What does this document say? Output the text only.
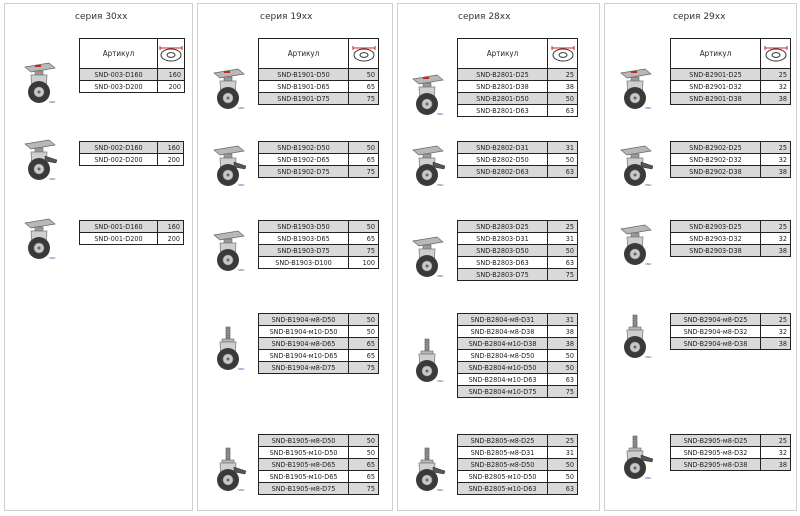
серия 30xx
Артикул	
SND-003-D160	160
SND-003-D200	200
SND
SND-002-D160	160
SND-002-D200	200
SND
SND-001-D160	160
SND-001-D200	200
SND
серия 19xx
Артикул	
SND-B1901-D50	50
SND-B1901-D65	65
SND-B1901-D75	75
SND
SND-B1902-D50	50
SND-B1902-D65	65
SND-B1902-D75	75
SND
SND-B1903-D50	50
SND-B1903-D65	65
SND-B1903-D75	75
SND-B1903-D100	100
SND
SND-B1904-м8-D50	50
SND-B1904-м10-D50	50
SND-B1904-м8-D65	65
SND-B1904-м10-D65	65
SND-B1904-м8-D75	75
SND
SND-B1905-м8-D50	50
SND-B1905-м10-D50	50
SND-B1905-м8-D65	65
SND-B1905-м10-D65	65
SND-B1905-м8-D75	75
SND
серия 28xx
Артикул	
SND-B2801-D25	25
SND-B2801-D38	38
SND-B2801-D50	50
SND-B2801-D63	63
SND
SND-B2802-D31	31
SND-B2802-D50	50
SND-B2802-D63	63
SND
SND-B2803-D25	25
SND-B2803-D31	31
SND-B2803-D50	50
SND-B2803-D63	63
SND-B2803-D75	75
SND
SND-B2804-м8-D31	31
SND-B2804-м8-D38	38
SND-B2804-м10-D38	38
SND-B2804-м8-D50	50
SND-B2804-м10-D50	50
SND-B2804-м10-D63	63
SND-B2804-м10-D75	75
SND
SND-B2805-м8-D25	25
SND-B2805-м8-D31	31
SND-B2805-м8-D50	50
SND-B2805-м10-D50	50
SND-B2805-м10-D63	63
SND
серия 29xx
Артикул	
SND-B2901-D25	25
SND-B2901-D32	32
SND-B2901-D38	38
SND
SND-B2902-D25	25
SND-B2902-D32	32
SND-B2902-D38	38
SND
SND-B2903-D25	25
SND-B2903-D32	32
SND-B2903-D38	38
SND
SND-B2904-м8-D25	25
SND-B2904-м8-D32	32
SND-B2904-м8-D38	38
SND
SND-B2905-м8-D25	25
SND-B2905-м8-D32	32
SND-B2905-м8-D38	38
SND
